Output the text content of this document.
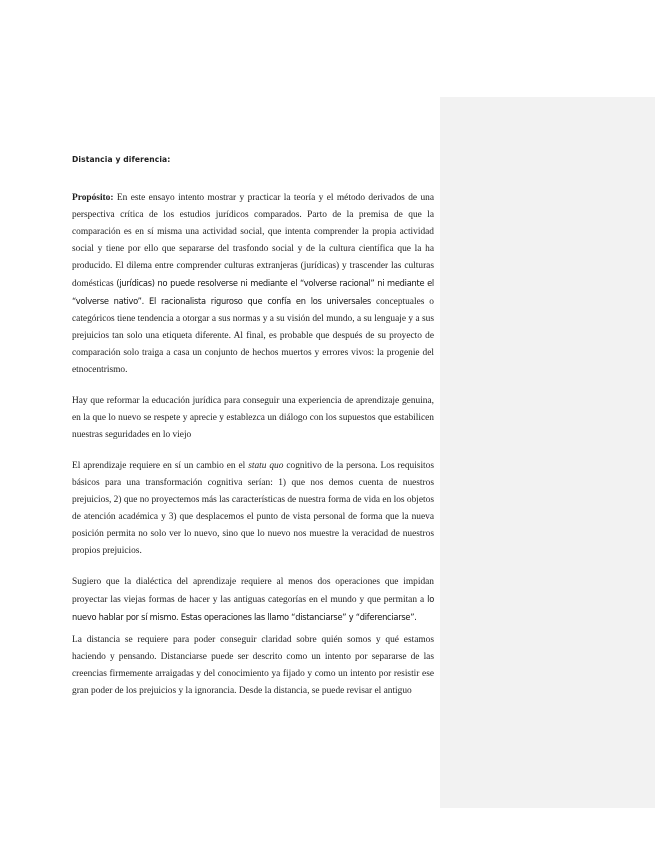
Distancia y diferencia:

Propósito: En este ensayo intento mostrar y practicar la teoría y el método derivados de una perspectiva crítica de los estudios jurídicos comparados. Parto de la premisa de que la comparación es en sí misma una actividad social, que intenta comprender la propia actividad social y tiene por ello que separarse del trasfondo social y de la cultura científica que la ha producido. El dilema entre comprender culturas extranjeras (jurídicas) y trascender las culturas domésticas (jurídicas) no puede resolverse ni mediante el “volverse racional” ni mediante el “volverse nativo”. El racionalista riguroso que confía en los universales conceptuales o categóricos tiene tendencia a otorgar a sus normas y a su visión del mundo, a su lenguaje y a sus prejuicios tan solo una etiqueta diferente. Al final, es probable que después de su proyecto de comparación solo traiga a casa un conjunto de hechos muertos y errores vivos: la progenie del etnocentrismo.

Hay que reformar la educación jurídica para conseguir una experiencia de aprendizaje genuina, en la que lo nuevo se respete y aprecie y establezca un diálogo con los supuestos que estabilicen nuestras seguridades en lo viejo

El aprendizaje requiere en sí un cambio en el statu quo cognitivo de la persona. Los requisitos básicos para una transformación cognitiva serían: 1) que nos demos cuenta de nuestros prejuicios, 2) que no proyectemos más las características de nuestra forma de vida en los objetos de atención académica y 3) que desplacemos el punto de vista personal de forma que la nueva posición permita no solo ver lo nuevo, sino que lo nuevo nos muestre la veracidad de nuestros propios prejuicios.

Sugiero que la dialéctica del aprendizaje requiere al menos dos operaciones que impidan proyectar las viejas formas de hacer y las antiguas categorías en el mundo y que permitan a lo nuevo hablar por sí mismo. Estas operaciones las llamo “distanciarse” y “diferenciarse”.

La distancia se requiere para poder conseguir claridad sobre quién somos y qué estamos haciendo y pensando. Distanciarse puede ser descrito como un intento por separarse de las creencias firmemente arraigadas y del conocimiento ya fijado y como un intento por resistir ese gran poder de los prejuicios y la ignorancia. Desde la distancia, se puede revisar el antiguo
